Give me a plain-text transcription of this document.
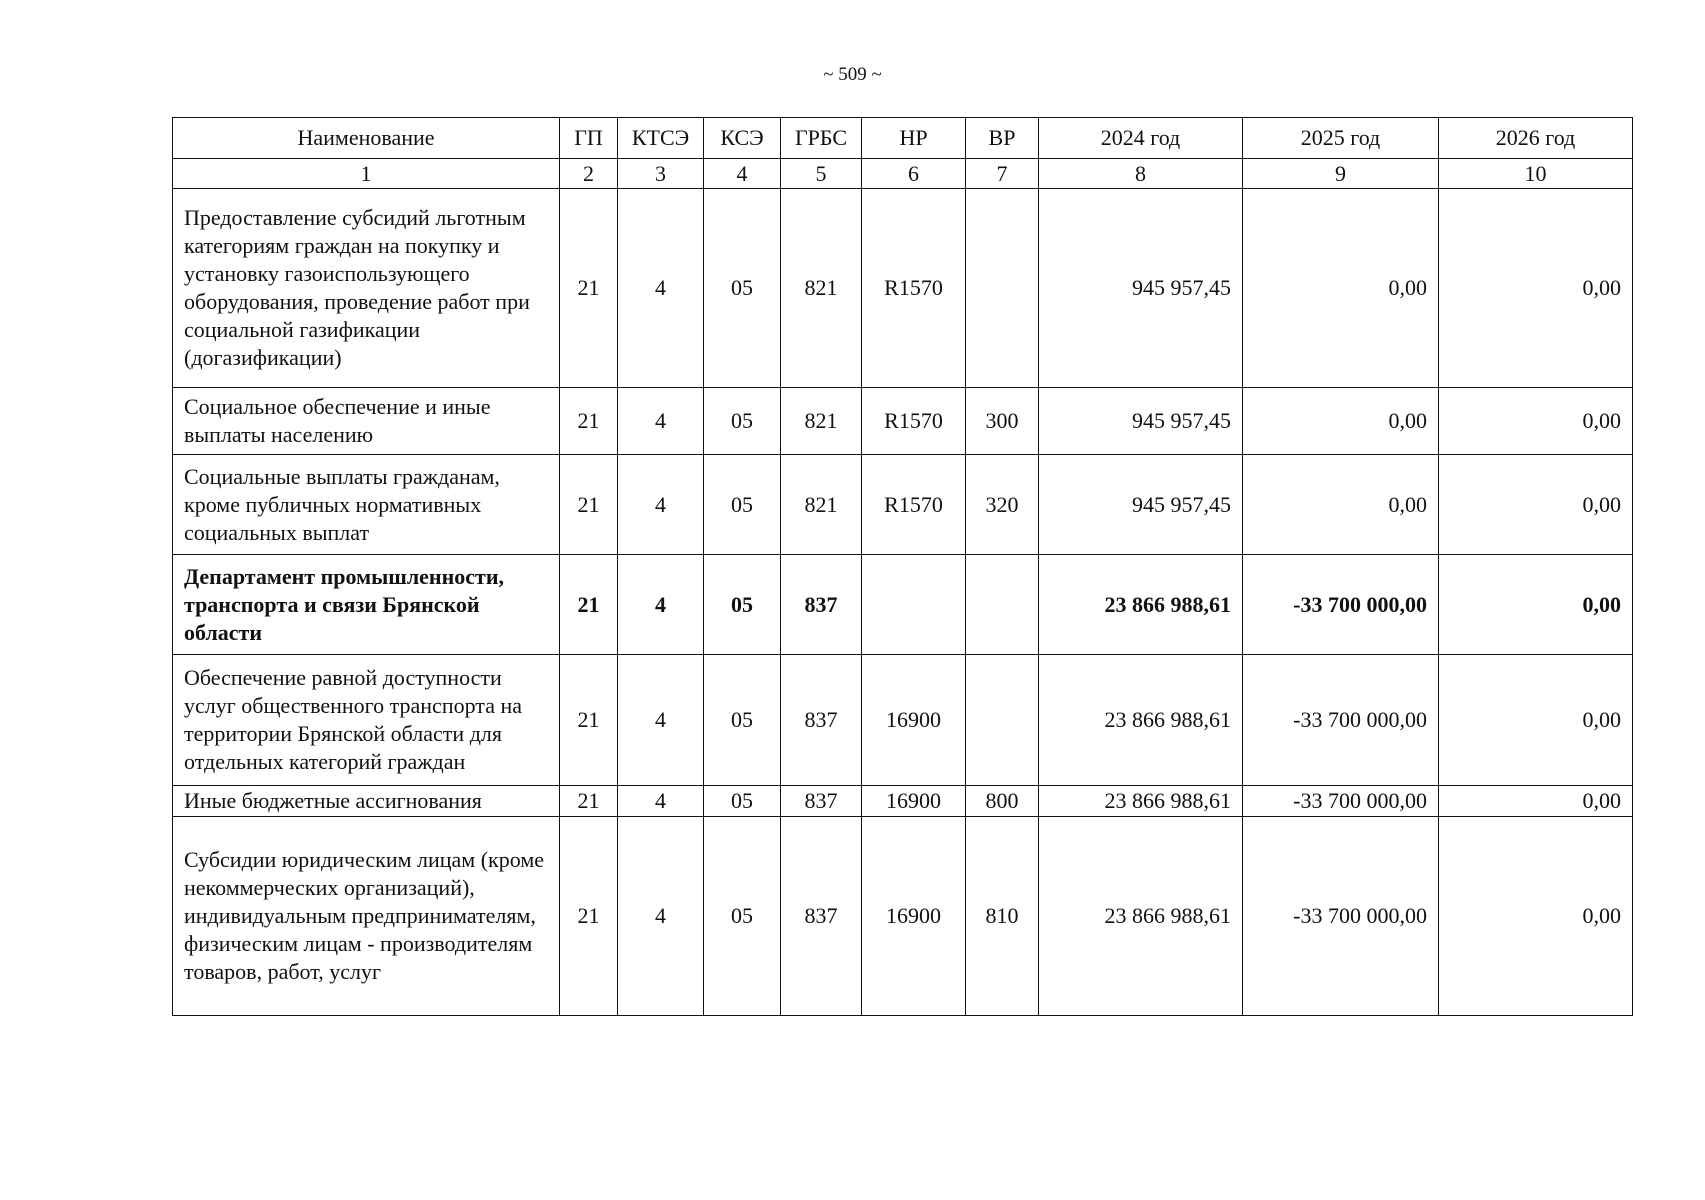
~ 509 ~
Наименование	ГП	КТСЭ	КСЭ	ГРБС	НР	ВР	2024 год	2025 год	2026 год
1	2	3	4	5	6	7	8	9	10
Предоставление субсидий льготным категориям граждан на покупку и установку газоиспользующего оборудования, проведение работ при социальной газификации (догазификации)	21	4	05	821	R1570		945 957,45	0,00	0,00
Социальное обеспечение и иные выплаты населению	21	4	05	821	R1570	300	945 957,45	0,00	0,00
Социальные выплаты гражданам, кроме публичных нормативных социальных выплат	21	4	05	821	R1570	320	945 957,45	0,00	0,00
Департамент промышленности, транспорта и связи Брянской области	21	4	05	837			23 866 988,61	-33 700 000,00	0,00
Обеспечение равной доступности услуг общественного транспорта на территории Брянской области для отдельных категорий граждан	21	4	05	837	16900		23 866 988,61	-33 700 000,00	0,00
Иные бюджетные ассигнования	21	4	05	837	16900	800	23 866 988,61	-33 700 000,00	0,00
Субсидии юридическим лицам (кроме некоммерческих организаций), индивидуальным предпринимателям, физическим лицам - производителям товаров, работ, услуг	21	4	05	837	16900	810	23 866 988,61	-33 700 000,00	0,00
